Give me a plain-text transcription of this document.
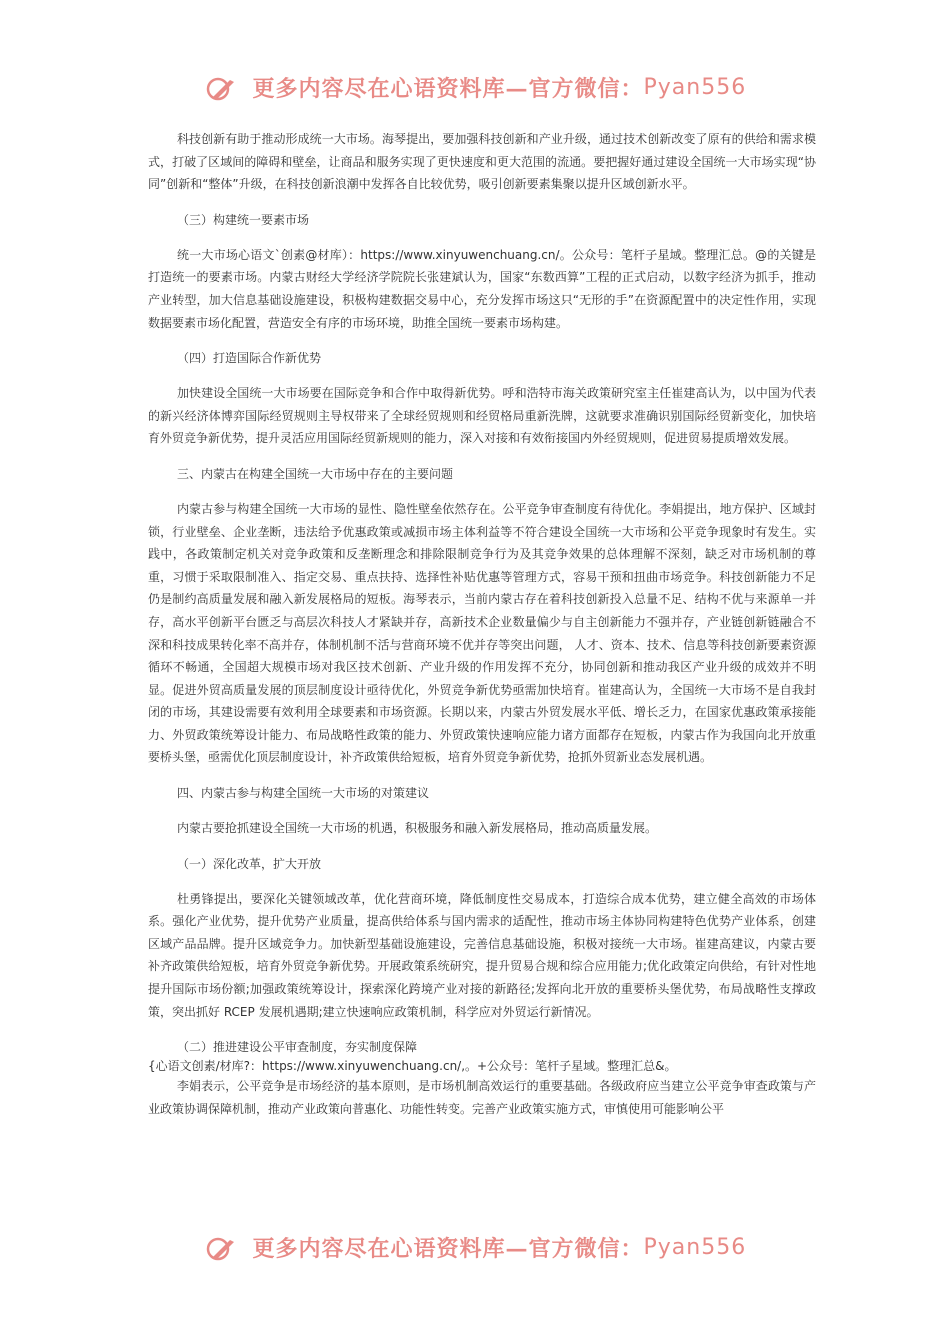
更多内容尽在心语资料库—官方微信：Pyan556

科技创新有助于推动形成统一大市场。海琴提出，要加强科技创新和产业升级，通过技术创新改变了原有的供给和需求模式，打破了区域间的障碍和壁垒，让商品和服务实现了更快速度和更大范围的流通。要把握好通过建设全国统一大市场实现“协同”创新和“整体”升级，在科技创新浪潮中发挥各自比较优势，吸引创新要素集聚以提升区域创新水平。

（三）构建统一要素市场

统一大市场心语文`创素@材库）：https://www.xinyuwenchuang.cn/。公众号：笔杆子星域。整理汇总。@的关键是打造统一的要素市场。内蒙古财经大学经济学院院长张建斌认为，国家“东数西算”工程的正式启动，以数字经济为抓手，推动产业转型，加大信息基础设施建设，积极构建数据交易中心，充分发挥市场这只“无形的手”在资源配置中的决定性作用，实现数据要素市场化配置，营造安全有序的市场环境，助推全国统一要素市场构建。

（四）打造国际合作新优势

加快建设全国统一大市场要在国际竞争和合作中取得新优势。呼和浩特市海关政策研究室主任崔建高认为，以中国为代表的新兴经济体博弈国际经贸规则主导权带来了全球经贸规则和经贸格局重新洗牌，这就要求准确识别国际经贸新变化，加快培育外贸竞争新优势，提升灵活应用国际经贸新规则的能力，深入对接和有效衔接国内外经贸规则，促进贸易提质增效发展。

三、内蒙古在构建全国统一大市场中存在的主要问题

内蒙古参与构建全国统一大市场的显性、隐性壁垒依然存在。公平竞争审查制度有待优化。李娟提出，地方保护、区域封锁，行业壁垒、企业垄断，违法给予优惠政策或减损市场主体利益等不符合建设全国统一大市场和公平竞争现象时有发生。实践中，各政策制定机关对竞争政策和反垄断理念和排除限制竞争行为及其竞争效果的总体理解不深刻，缺乏对市场机制的尊重，习惯于采取限制准入、指定交易、重点扶持、选择性补贴优惠等管理方式，容易干预和扭曲市场竞争。科技创新能力不足仍是制约高质量发展和融入新发展格局的短板。海琴表示，当前内蒙古存在着科技创新投入总量不足、结构不优与来源单一并存，高水平创新平台匮乏与高层次科技人才紧缺并存，高新技术企业数量偏少与自主创新能力不强并存，产业链创新链融合不深和科技成果转化率不高并存，体制机制不活与营商环境不优并存等突出问题， 人才、资本、技术、信息等科技创新要素资源循环不畅通，全国超大规模市场对我区技术创新、产业升级的作用发挥不充分，协同创新和推动我区产业升级的成效并不明显。促进外贸高质量发展的顶层制度设计亟待优化，外贸竞争新优势亟需加快培育。崔建高认为，全国统一大市场不是自我封闭的市场，其建设需要有效利用全球要素和市场资源。长期以来，内蒙古外贸发展水平低、增长乏力，在国家优惠政策承接能力、外贸政策统筹设计能力、布局战略性政策的能力、外贸政策快速响应能力诸方面都存在短板，内蒙古作为我国向北开放重要桥头堡，亟需优化顶层制度设计，补齐政策供给短板，培育外贸竞争新优势，抢抓外贸新业态发展机遇。

四、内蒙古参与构建全国统一大市场的对策建议

内蒙古要抢抓建设全国统一大市场的机遇，积极服务和融入新发展格局，推动高质量发展。

（一）深化改革，扩大开放

杜勇锋提出，要深化关键领域改革，优化营商环境，降低制度性交易成本，打造综合成本优势，建立健全高效的市场体系。强化产业优势，提升优势产业质量，提高供给体系与国内需求的适配性，推动市场主体协同构建特色优势产业体系，创建区域产品品牌。提升区域竞争力。加快新型基础设施建设，完善信息基础设施，积极对接统一大市场。崔建高建议，内蒙古要补齐政策供给短板，培育外贸竞争新优势。开展政策系统研究，提升贸易合规和综合应用能力;优化政策定向供给，有针对性地提升国际市场份额;加强政策统筹设计，探索深化跨境产业对接的新路径;发挥向北开放的重要桥头堡优势，布局战略性支撑政策，突出抓好 RCEP 发展机遇期;建立快速响应政策机制，科学应对外贸运行新情况。

（二）推进建设公平审查制度，夯实制度保障

{心语文创素/材库?：https://www.xinyuwenchuang.cn/,。+公众号：笔杆子星域。整理汇总&。

李娟表示，公平竞争是市场经济的基本原则，是市场机制高效运行的重要基础。各级政府应当建立公平竞争审查政策与产业政策协调保障机制，推动产业政策向普惠化、功能性转变。完善产业政策实施方式，审慎使用可能影响公平

更多内容尽在心语资料库—官方微信：Pyan556
